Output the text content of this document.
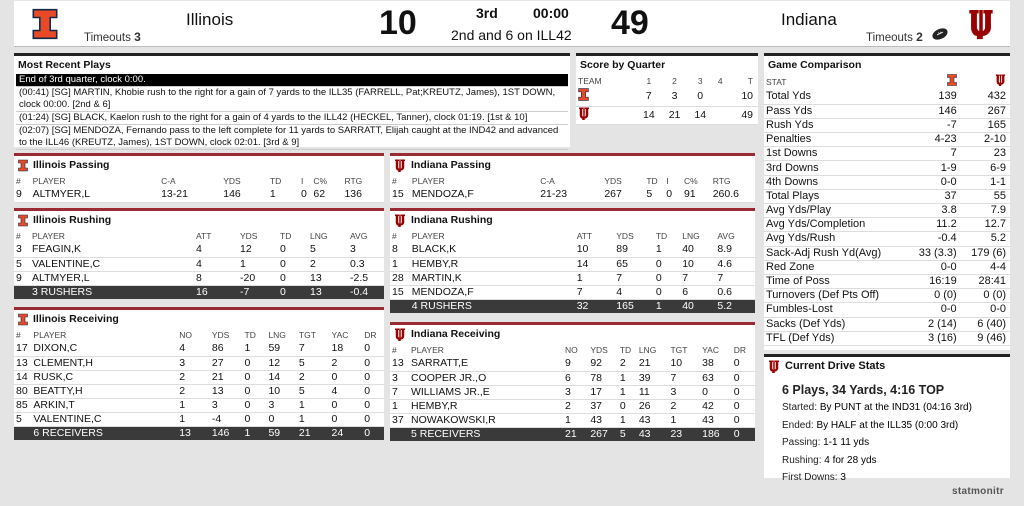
Illinois
Timeouts 3	10	3rd	00:00
2nd and 6 on ILL42 49	Indiana
Timeouts 2
Most Recent Plays
End of 3rd quarter, clock 0:00.
(00:41) [SG] MARTIN, Khobie rush to the right for a gain of 7 yards to the ILL35 (FARRELL, Pat;KREUTZ, James), 1ST DOWN, clock 00:00. [2nd & 6]
(01:24) [SG] BLACK, Kaelon rush to the right for a gain of 4 yards to the ILL42 (HECKEL, Tanner), clock 01:19. [1st & 10]
(02:07) [SG] MENDOZA, Fernando pass to the left complete for 11 yards to SARRATT, Elijah caught at the IND42 and advanced to the ILL46 (KREUTZ, James), 1ST DOWN, clock 02:01. [3rd & 9]
Score by Quarter
TEAM	1	2	3	4	T
	7	3	0		10
	14	21	14		49
Game Comparison
STAT		
Total Yds	139	432
Pass Yds	146	267
Rush Yds	-7	165
Penalties	4-23	2-10
1st Downs	7	23
3rd Downs	1-9	6-9
4th Downs	0-0	1-1
Total Plays	37	55
Avg Yds/Play	3.8	7.9
Avg Yds/Completion	11.2	12.7
Avg Yds/Rush	-0.4	5.2
Sack-Adj Rush Yd(Avg)	33 (3.3)	179 (6)
Red Zone	0-0	4-4
Time of Poss	16:19	28:41
Turnovers (Def Pts Off)	0 (0)	0 (0)
Fumbles-Lost	0-0	0-0
Sacks (Def Yds)	2 (14)	6 (40)
TFL (Def Yds)	3 (16)	9 (46)
Current Drive Stats
6 Plays, 34 Yards, 4:16 TOP
Started: By PUNT at the IND31 (04:16 3rd)
Ended: By HALF at the ILL35 (0:00 3rd)
Passing: 1-1 11 yds
Rushing: 4 for 28 yds
First Downs: 3
Illinois Passing
#	PLAYER	C-A	YDS	TD	I	C%	RTG
9	ALTMYER,L	13-21	146	1	0	62	136
Illinois Rushing
#	PLAYER	ATT	YDS	TD	LNG	AVG
3	FEAGIN,K	4	12	0	5	3
5	VALENTINE,C	4	1	0	2	0.3
9	ALTMYER,L	8	-20	0	13	-2.5
	3 RUSHERS	16	-7	0	13	-0.4
Illinois Receiving
#	PLAYER	NO	YDS	TD	LNG	TGT	YAC	DR
17	DIXON,C	4	86	1	59	7	18	0
13	CLEMENT,H	3	27	0	12	5	2	0
14	RUSK,C	2	21	0	14	2	0	0
80	BEATTY,H	2	13	0	10	5	4	0
85	ARKIN,T	1	3	0	3	1	0	0
5	VALENTINE,C	1	-4	0	0	1	0	0
	6 RECEIVERS	13	146	1	59	21	24	0
Indiana Passing
#	PLAYER	C-A	YDS	TD	I	C%	RTG
15	MENDOZA,F	21-23	267	5	0	91	260.6
Indiana Rushing
#	PLAYER	ATT	YDS	TD	LNG	AVG
8	BLACK,K	10	89	1	40	8.9
1	HEMBY,R	14	65	0	10	4.6
28	MARTIN,K	1	7	0	7	7
15	MENDOZA,F	7	4	0	6	0.6
	4 RUSHERS	32	165	1	40	5.2
Indiana Receiving
#	PLAYER	NO	YDS	TD	LNG	TGT	YAC	DR
13	SARRATT,E	9	92	2	21	10	38	0
3	COOPER JR.,O	6	78	1	39	7	63	0
7	WILLIAMS JR.,E	3	17	1	11	3	0	0
1	HEMBY,R	2	37	0	26	2	42	0
37	NOWAKOWSKI,R	1	43	1	43	1	43	0
	5 RECEIVERS	21	267	5	43	23	186	0
statmonitr
